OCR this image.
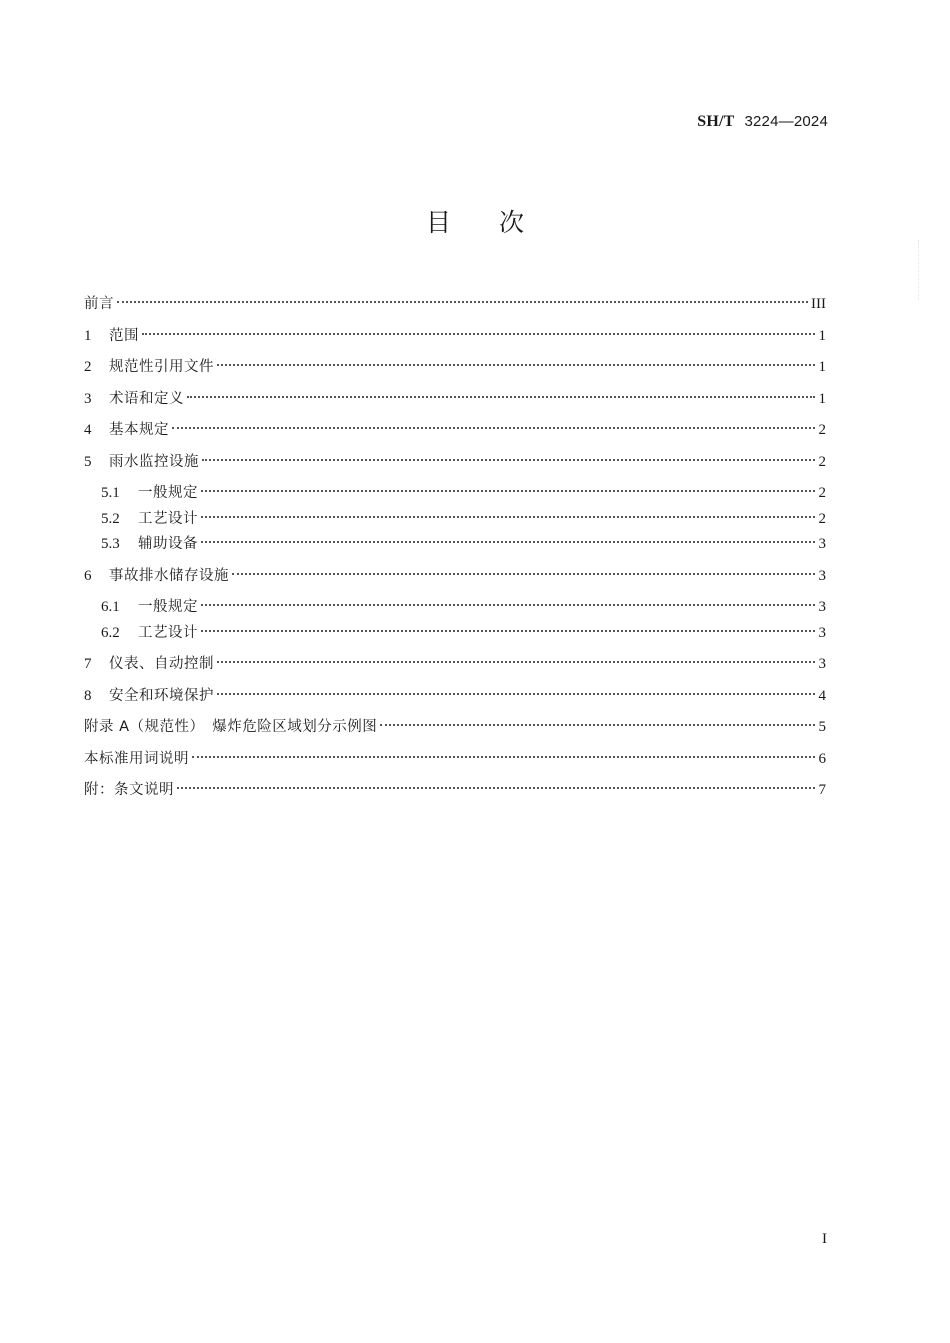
SH/T 3224—2024
目次
前言	III
1	范围	1
2	规范性引用文件	1
3	术语和定义	1
4	基本规定	2
5	雨水监控设施	2
5.1	一般规定	2
5.2	工艺设计	2
5.3	辅助设备	3
6	事故排水储存设施	3
6.1	一般规定	3
6.2	工艺设计	3
7	仪表、自动控制	3
8	安全和环境保护	4
附录 A（规范性）　爆炸危险区域划分示例图	5
本标准用词说明	6
附：条文说明	7
I
